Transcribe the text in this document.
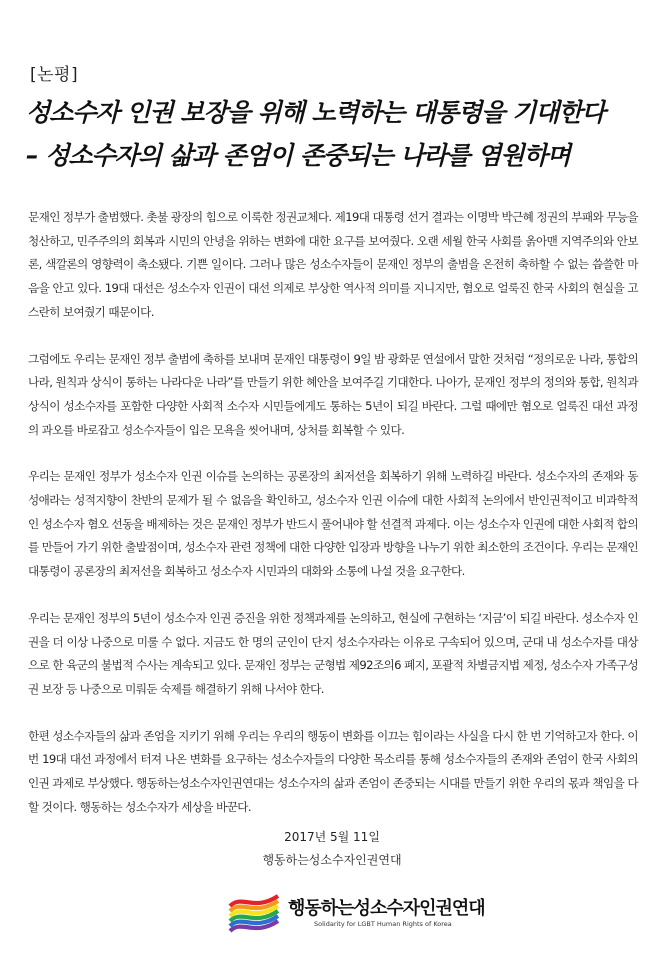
[논평]
성소수자 인권 보장을 위해 노력하는 대통령을 기대한다
– 성소수자의 삶과 존엄이 존중되는 나라를 염원하며

문재인 정부가 출범했다. 촛불 광장의 힘으로 이룩한 정권교체다. 제19대 대통령 선거 결과는 이명박 박근혜 정권의 부패와 무능을 청산하고, 민주주의의 회복과 시민의 안녕을 위하는 변화에 대한 요구를 보여줬다. 오랜 세월 한국 사회를 옭아맨 지역주의와 안보론, 색깔론의 영향력이 축소됐다. 기쁜 일이다. 그러나 많은 성소수자들이 문재인 정부의 출범을 온전히 축하할 수 없는 씁쓸한 마음을 안고 있다. 19대 대선은 성소수자 인권이 대선 의제로 부상한 역사적 의미를 지니지만, 혐오로 얼룩진 한국 사회의 현실을 고스란히 보여줬기 때문이다.

그럼에도 우리는 문재인 정부 출범에 축하를 보내며 문재인 대통령이 9일 밤 광화문 연설에서 말한 것처럼 “정의로운 나라, 통합의 나라, 원칙과 상식이 통하는 나라다운 나라”를 만들기 위한 혜안을 보여주길 기대한다. 나아가, 문재인 정부의 정의와 통합, 원칙과 상식이 성소수자를 포함한 다양한 사회적 소수자 시민들에게도 통하는 5년이 되길 바란다. 그럴 때에만 혐오로 얼룩진 대선 과정의 과오를 바로잡고 성소수자들이 입은 모욕을 씻어내며, 상처를 회복할 수 있다.

우리는 문재인 정부가 성소수자 인권 이슈를 논의하는 공론장의 최저선을 회복하기 위해 노력하길 바란다. 성소수자의 존재와 동성애라는 성적지향이 찬반의 문제가 될 수 없음을 확인하고, 성소수자 인권 이슈에 대한 사회적 논의에서 반인권적이고 비과학적인 성소수자 혐오 선동을 배제하는 것은 문재인 정부가 반드시 풀어내야 할 선결적 과제다. 이는 성소수자 인권에 대한 사회적 합의를 만들어 가기 위한 출발점이며, 성소수자 관련 정책에 대한 다양한 입장과 방향을 나누기 위한 최소한의 조건이다. 우리는 문재인 대통령이 공론장의 최저선을 회복하고 성소수자 시민과의 대화와 소통에 나설 것을 요구한다.

우리는 문재인 정부의 5년이 성소수자 인권 증진을 위한 정책과제를 논의하고, 현실에 구현하는 ‘지금’이 되길 바란다. 성소수자 인권을 더 이상 나중으로 미룰 수 없다. 지금도 한 명의 군인이 단지 성소수자라는 이유로 구속되어 있으며, 군대 내 성소수자를 대상으로 한 육군의 불법적 수사는 계속되고 있다. 문재인 정부는 군형법 제92조의6 폐지, 포괄적 차별금지법 제정, 성소수자 가족구성권 보장 등 나중으로 미뤄둔 숙제를 해결하기 위해 나서야 한다.

한편 성소수자들의 삶과 존엄을 지키기 위해 우리는 우리의 행동이 변화를 이끄는 힘이라는 사실을 다시 한 번 기억하고자 한다. 이번 19대 대선 과정에서 터져 나온 변화를 요구하는 성소수자들의 다양한 목소리를 통해 성소수자들의 존재와 존엄이 한국 사회의 인권 과제로 부상했다. 행동하는성소수자인권연대는 성소수자의 삶과 존엄이 존중되는 시대를 만들기 위한 우리의 몫과 책임을 다할 것이다. 행동하는 성소수자가 세상을 바꾼다.

2017년 5월 11일
행동하는성소수자인권연대
행동하는성소수자인권연대
Solidarity for LGBT Human Rights of Korea
